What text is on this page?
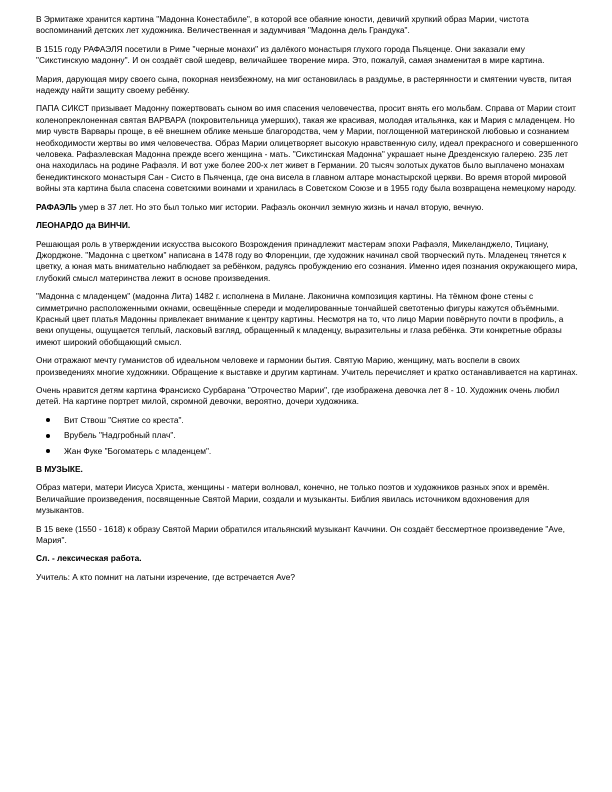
В Эрмитаже хранится картина "Мадонна Конестабиле", в которой все обаяние юности, девичий хрупкий образ Марии, чистота воспоминаний детских лет художника. Величественная и задумчивая "Мадонна дель Грандука".

В 1515 году РАФАЭЛЯ посетили в Риме "черные монахи" из далёкого монастыря глухого города Пьяценце. Они заказали ему "Сикстинскую мадонну". И он создаёт свой шедевр, величайшее творение мира. Это, пожалуй, самая знаменитая в мире картина.

Мария, дарующая миру своего сына, покорная неизбежному, на миг остановилась в раздумье, в растерянности и смятении чувств, питая надежду найти защиту своему ребёнку.

ПАПА СИКСТ призывает Мадонну пожертвовать сыном во имя спасения человечества, просит внять его мольбам. Справа от Марии стоит коленопреклоненная святая ВАРВАРА (покровительница умерших), такая же красивая, молодая итальянка, как и Мария с младенцем. Но мир чувств Варвары проще, в её внешнем облике меньше благородства, чем у Марии, поглощенной материнской любовью и сознанием необходимости жертвы во имя человечества. Образ Марии олицетворяет высокую нравственную силу, идеал прекрасного и совершенного человека. Рафаэлевская Мадонна прежде всего женщина - мать. "Сикстинская Мадонна" украшает ныне Дрезденскую галерею. 235 лет она находилась на родине Рафаэля. И вот уже более 200-х лет живет в Германии. 20 тысяч золотых дукатов было выплачено монахам бенедиктинского монастыря Сан - Систо в Пьяченца, где она висела в главном алтаре монастырской церкви. Во время второй мировой войны эта картина была спасена советскими воинами и хранилась в Советском Союзе и в 1955 году была возвращена немецкому народу.

РАФАЭЛЬ умер в 37 лет. Но это был только миг истории. Рафаэль окончил земную жизнь и начал вторую, вечную.

ЛЕОНАРДО да ВИНЧИ.

Решающая роль в утверждении искусства высокого Возрождения принадлежит мастерам эпохи Рафаэля, Микеланджело, Тициану, Джорджоне. "Мадонна с цветком" написана в 1478 году во Флоренции, где художник начинал свой творческий путь. Младенец тянется к цветку, а юная мать внимательно наблюдает за ребёнком, радуясь пробуждению его сознания. Именно идея познания окружающего мира, глубокий смысл материнства лежит в основе произведения.

"Мадонна с младенцем" (мадонна Лита) 1482 г. исполнена в Милане. Лаконична композиция картины. На тёмном фоне стены с симметрично расположенными окнами, освещённые спереди и моделированные тончайшей светотенью фигуры кажутся объёмными. Красный цвет платья Мадонны привлекает внимание к центру картины. Несмотря на то, что лицо Марии повёрнуто почти в профиль, а веки опущены, ощущается теплый, ласковый взгляд, обращенный к младенцу, выразительны и глаза ребёнка. Эти конкретные образы имеют широкий обобщающий смысл.

Они отражают мечту гуманистов об идеальном человеке и гармонии бытия. Святую Марию, женщину, мать воспели в своих произведениях многие художники. Обращение к выставке и другим картинам. Учитель перечисляет и кратко останавливается на картинах.

Очень нравится детям картина Франсиско Сурбарана "Отрочество Марии", где изображена девочка лет 8 - 10. Художник очень любил детей. На картине портрет милой, скромной девочки, вероятно, дочери художника.

Вит Ствош "Снятие со креста".
Врубель "Надгробный плач".
Жан Фуке "Богоматерь с младенцем".
В МУЗЫКЕ.

Образ матери, матери Иисуса Христа, женщины - матери волновал, конечно, не только поэтов и художников разных эпох и времён. Величайшие произведения, посвященные Святой Марии, создали и музыканты. Библия явилась источником вдохновения для музыкантов.

В 15 веке (1550 - 1618) к образу Святой Марии обратился итальянский музыкант Каччини. Он создаёт бессмертное произведение "Ave, Мария".

Сл. - лексическая работа.

Учитель: А кто помнит на латыни изречение, где встречается Ave?
